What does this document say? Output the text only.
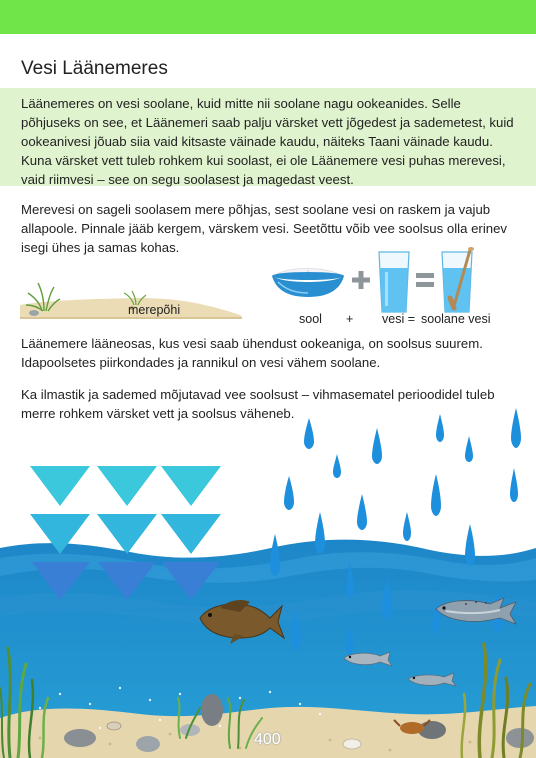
Vesi Läänemeres

Läänemeres on vesi soolane, kuid mitte nii soolane nagu ookeanides. Selle põhjuseks on see, et Läänemeri saab palju värsket vett jõgedest ja sademetest, kuid ookeanivesi jõuab siia vaid kitsaste väinade kaudu, näiteks Taani väinade kaudu. Kuna värsket vett tuleb rohkem kui soolast, ei ole Läänemere vesi puhas merevesi, vaid riimvesi – see on segu soolasest ja magedast veest.

Merevesi on sageli soolasem mere põhjas, sest soolane vesi on raskem ja vajub allapoole. Pinnale jääb kergem, värskem vesi. Seetõttu võib vee soolsus olla erinev isegi ühes ja samas kohas.

merepõhi
sool + vesi = soolane vesi

Läänemere lääneosas, kus vesi saab ühendust ookeaniga, on soolsus suurem. Idapoolsetes piirkondades ja rannikul on vesi vähem soolane.

Ka ilmastik ja sademed mõjutavad vee soolsust – vihmasematel perioodidel tuleb merre rohkem värsket vett ja soolsus väheneb.

400
